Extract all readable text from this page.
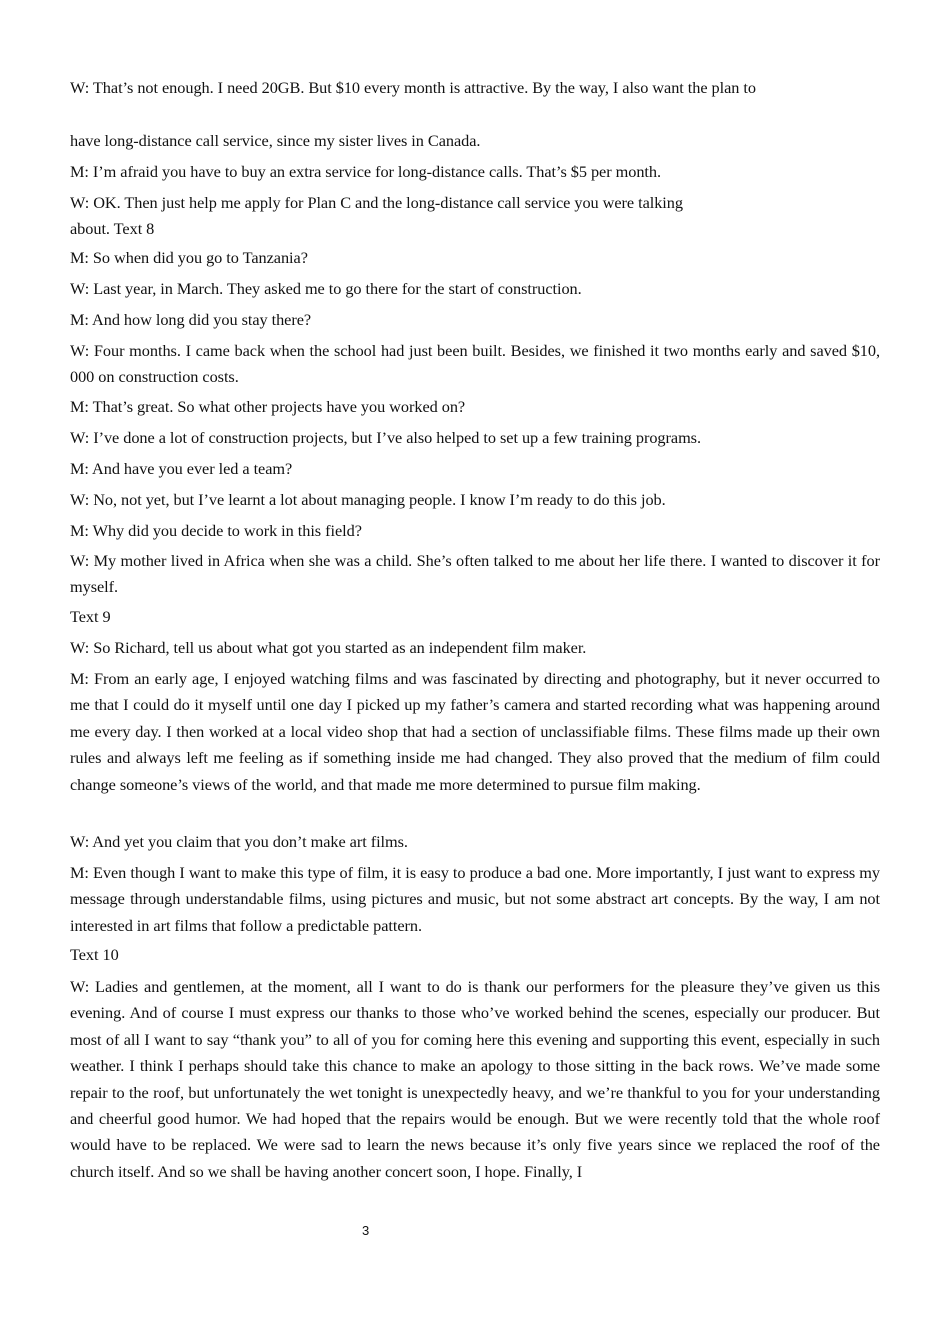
W: That’s not enough. I need 20GB. But $10 every month is attractive. By the way, I also want the plan to

have long-distance call service, since my sister lives in Canada.

M: I’m afraid you have to buy an extra service for long-distance calls. That’s $5 per month.

W: OK. Then just help me apply for Plan C and the long-distance call service you were talking

about. Text 8

M: So when did you go to Tanzania?

W: Last year, in March. They asked me to go there for the start of construction.

M: And how long did you stay there?

W: Four months. I came back when the school had just been built. Besides, we finished it two months early and saved $10, 000 on construction costs.

M: That’s great. So what other projects have you worked on?

W: I’ve done a lot of construction projects, but I’ve also helped to set up a few training programs.

M: And have you ever led a team?

W: No, not yet, but I’ve learnt a lot about managing people. I know I’m ready to do this job.

M: Why did you decide to work in this field?

W: My mother lived in Africa when she was a child. She’s often talked to me about her life there. I wanted to discover it for myself.

Text 9

W: So Richard, tell us about what got you started as an independent film maker.

M: From an early age, I enjoyed watching films and was fascinated by directing and photography, but it never occurred to me that I could do it myself until one day I picked up my father’s camera and started recording what was happening around me every day. I then worked at a local video shop that had a section of unclassifiable films. These films made up their own rules and always left me feeling as if something inside me had changed. They also proved that the medium of film could change someone’s views of the world, and that made me more determined to pursue film making.

W: And yet you claim that you don’t make art films.

M: Even though I want to make this type of film, it is easy to produce a bad one. More importantly, I just want to express my message through understandable films, using pictures and music, but not some abstract art concepts. By the way, I am not interested in art films that follow a predictable pattern.

Text 10

W: Ladies and gentlemen, at the moment, all I want to do is thank our performers for the pleasure they’ve given us this evening. And of course I must express our thanks to those who’ve worked behind the scenes, especially our producer. But most of all I want to say “thank you” to all of you for coming here this evening and supporting this event, especially in such weather. I think I perhaps should take this chance to make an apology to those sitting in the back rows. We’ve made some repair to the roof, but unfortunately the wet tonight is unexpectedly heavy, and we’re thankful to you for your understanding and cheerful good humor. We had hoped that the repairs would be enough. But we were recently told that the whole roof would have to be replaced. We were sad to learn the news because it’s only five years since we replaced the roof of the church itself. And so we shall be having another concert soon, I hope. Finally, I

3
